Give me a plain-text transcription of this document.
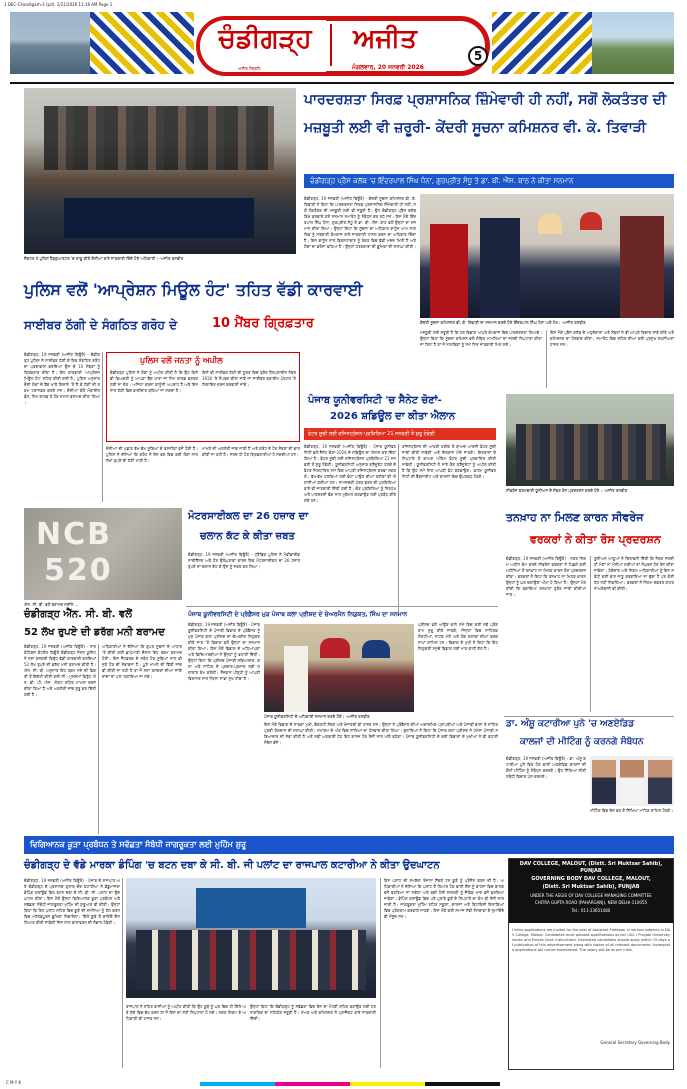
1 DEC-Chandigarh-1 (pd). 1/21/2026 11:16 AM Page 1
ਚੰਡੀਗੜ੍ਹ	ਅਜੀਤ
ਅਜੀਤ ਸੰਗ੍ਰਹਿ	ਮੰਗਲਵਾਰ, 20 ਜਨਵਰੀ 2026
5
ਸੈਕਟਰ 9 ਪੁਲਿਸ ਹੈੱਡਕੁਆਰਟਰ 'ਚ ਕਾਬੂ ਕੀਤੇ ਦੋਸ਼ੀਆਂ ਬਾਰੇ ਜਾਣਕਾਰੀ ਦਿੰਦੇ ਹੋਏ ਅਧਿਕਾਰੀ। -ਅਜੀਤ ਤਸਵੀਰ
ਪਾਰਦਰਸ਼ਤਾ ਸਿਰਫ਼ ਪ੍ਰਸ਼ਾਸਨਿਕ ਜ਼ਿੰਮੇਵਾਰੀ ਹੀ ਨਹੀਂ, ਸਗੋਂ ਲੋਕਤੰਤਰ ਦੀ
ਮਜ਼ਬੂਤੀ ਲਈ ਵੀ ਜ਼ਰੂਰੀ- ਕੇਂਦਰੀ ਸੂਚਨਾ ਕਮਿਸ਼ਨਰ ਵੀ. ਕੇ. ਤਿਵਾੜੀ
ਚੰਡੀਗੜ੍ਹ ਪ੍ਰੈਸ ਕਲੱਬ 'ਚ ਇੰਦਰਪਾਲ ਸਿੰਘ ਧੰਨਾ, ਗੁਰਪ੍ਰੀਤ ਸੰਧੂ ਤੇ ਡਾ. ਬੀ. ਐੱਸ. ਬਾਠ ਨੇ ਕੀਤਾ ਸਨਮਾਨ
ਚੰਡੀਗੜ੍ਹ, 19 ਜਨਵਰੀ (ਅਜੀਤ ਬਿਊਰੋ) - ਕੇਂਦਰੀ ਸੂਚਨਾ ਕਮਿਸ਼ਨਰ ਵੀ. ਕੇ. ਤਿਵਾੜੀ ਨੇ ਕਿਹਾ ਕਿ ਪਾਰਦਰਸ਼ਤਾ ਸਿਰਫ਼ ਪ੍ਰਸ਼ਾਸਨਿਕ ਜ਼ਿੰਮੇਵਾਰੀ ਹੀ ਨਹੀਂ, ਸਗੋਂ ਲੋਕਤੰਤਰ ਦੀ ਮਜ਼ਬੂਤੀ ਲਈ ਵੀ ਜ਼ਰੂਰੀ ਹੈ। ਉਹ ਚੰਡੀਗੜ੍ਹ ਪ੍ਰੈਸ ਕਲੱਬ ਵਿਖੇ ਕਰਵਾਏ ਗਏ ਸਨਮਾਨ ਸਮਾਰੋਹ ਨੂੰ ਸੰਬੋਧਨ ਕਰ ਰਹੇ ਸਨ। ਇਸ ਮੌਕੇ ਇੰਦਰਪਾਲ ਸਿੰਘ ਧੰਨਾ, ਗੁਰਪ੍ਰੀਤ ਸੰਧੂ ਤੇ ਡਾ. ਬੀ. ਐੱਸ. ਬਾਠ ਵਲੋਂ ਉਨ੍ਹਾਂ ਦਾ ਸਨਮਾਨ ਕੀਤਾ ਗਿਆ। ਉਨ੍ਹਾਂ ਕਿਹਾ ਕਿ ਸੂਚਨਾ ਦਾ ਅਧਿਕਾਰ ਕਾਨੂੰਨ ਆਮ ਨਾਗਰਿਕ ਨੂੰ ਸਰਕਾਰੀ ਕੰਮਕਾਜ ਬਾਰੇ ਜਾਣਕਾਰੀ ਹਾਸਲ ਕਰਨ ਦਾ ਅਧਿਕਾਰ ਦਿੰਦਾ ਹੈ। ਇਸ ਕਾਨੂੰਨ ਨਾਲ ਭ੍ਰਿਸ਼ਟਾਚਾਰ ਨੂੰ ਰੋਕਣ ਵਿਚ ਵੱਡੀ ਮਦਦ ਮਿਲੀ ਹੈ ਅਤੇ ਲੋਕਾਂ ਦਾ ਭਰੋਸਾ ਵਧਿਆ ਹੈ। ਉਨ੍ਹਾਂ ਪੱਤਰਕਾਰਾਂ ਦੀ ਭੂਮਿਕਾ ਦੀ ਸ਼ਲਾਘਾ ਕੀਤੀ।
ਕੇਂਦਰੀ ਸੂਚਨਾ ਕਮਿਸ਼ਨਰ ਵੀ. ਕੇ. ਤਿਵਾੜੀ ਦਾ ਸਨਮਾਨ ਕਰਦੇ ਹੋਏ ਇੰਦਰਪਾਲ ਸਿੰਘ ਧੰਨਾ ਅਤੇ ਹੋਰ। -ਅਜੀਤ ਤਸਵੀਰ
ਮਜ਼ਬੂਤੀ ਲਈ ਜ਼ਰੂਰੀ ਹੈ ਕਿ ਹਰ ਵਿਭਾਗ ਆਪਣੇ ਕੰਮਕਾਜ ਵਿਚ ਪਾਰਦਰਸ਼ਤਾ ਲਿਆਵੇ। ਉਨ੍ਹਾਂ ਕਿਹਾ ਕਿ ਸੂਚਨਾ ਕਮਿਸ਼ਨ ਵਲੋਂ ਲੰਬਿਤ ਮਾਮਲਿਆਂ ਦਾ ਜਲਦੀ ਨਿਪਟਾਰਾ ਕੀਤਾ ਜਾ ਰਿਹਾ ਹੈ ਤਾਂ ਜੋ ਨਾਗਰਿਕਾਂ ਨੂੰ ਸਮੇਂ ਸਿਰ ਜਾਣਕਾਰੀ ਮਿਲ ਸਕੇ।
ਇਸ ਮੌਕੇ ਪ੍ਰੈਸ ਕਲੱਬ ਦੇ ਅਹੁਦੇਦਾਰਾਂ ਅਤੇ ਮੈਂਬਰਾਂ ਨੇ ਵੀ ਆਪਣੇ ਵਿਚਾਰ ਸਾਂਝੇ ਕੀਤੇ ਅਤੇ ਕਮਿਸ਼ਨਰ ਦਾ ਧੰਨਵਾਦ ਕੀਤਾ। ਸਮਾਰੋਹ ਵਿਚ ਸ਼ਹਿਰ ਦੀਆਂ ਕਈ ਪ੍ਰਮੁੱਖ ਸ਼ਖ਼ਸੀਅਤਾਂ ਹਾਜ਼ਰ ਸਨ।
ਪੁਲਿਸ ਵਲੋਂ 'ਆਪ੍ਰੇਸ਼ਨ ਮਿਊਲ ਹੰਟ' ਤਹਿਤ ਵੱਡੀ ਕਾਰਵਾਈ
ਸਾਈਬਰ ਠੱਗੀ ਦੇ ਸੰਗਠਿਤ ਗਰੋਹ ਦੇ	10 ਮੈਂਬਰ ਗ੍ਰਿਫ਼ਤਾਰ
ਚੰਡੀਗੜ੍ਹ, 19 ਜਨਵਰੀ (ਅਜੀਤ ਬਿਊਰੋ) - ਚੰਡੀਗੜ੍ਹ ਪੁਲਿਸ ਨੇ ਸਾਈਬਰ ਠੱਗੀ ਦੇ ਇਕ ਸੰਗਠਿਤ ਗਰੋਹ ਦਾ ਪਰਦਾਫ਼ਾਸ਼ ਕਰਦਿਆਂ ਉਸ ਦੇ 10 ਮੈਂਬਰਾਂ ਨੂੰ ਗ੍ਰਿਫ਼ਤਾਰ ਕੀਤਾ ਹੈ। ਇਹ ਕਾਰਵਾਈ 'ਆਪ੍ਰੇਸ਼ਨ ਮਿਊਲ ਹੰਟ' ਤਹਿਤ ਕੀਤੀ ਗਈ ਹੈ। ਪੁਲਿਸ ਅਨੁਸਾਰ ਦੋਸ਼ੀ ਲੋਕਾਂ ਦੇ ਬੈਂਕ ਖਾਤੇ ਕਿਰਾਏ 'ਤੇ ਲੈ ਕੇ ਠੱਗੀ ਦੀ ਰਕਮ ਟਰਾਂਸਫ਼ਰ ਕਰਦੇ ਸਨ। ਦੋਸ਼ੀਆਂ ਕੋਲੋਂ ਮੋਬਾਈਲ ਫ਼ੋਨ, ਸਿਮ ਕਾਰਡ ਤੇ ਹੋਰ ਸਮਾਨ ਬਰਾਮਦ ਕੀਤਾ ਗਿਆ।
ਪੁਲਿਸ ਵਲੋਂ ਜਨਤਾ ਨੂੰ ਅਪੀਲ
ਚੰਡੀਗੜ੍ਹ ਪੁਲਿਸ ਨੇ ਲੋਕਾਂ ਨੂੰ ਅਪੀਲ ਕੀਤੀ ਹੈ ਕਿ ਉਹ ਕਿਸੇ ਵੀ ਵਿਅਕਤੀ ਨੂੰ ਆਪਣਾ ਬੈਂਕ ਖਾਤਾ ਜਾਂ ਸਿਮ ਕਾਰਡ ਵਰਤਣ ਲਈ ਨਾ ਦੇਣ। ਅਜਿਹਾ ਕਰਨਾ ਕਾਨੂੰਨੀ ਅਪਰਾਧ ਹੈ ਅਤੇ ਇਸ ਨਾਲ ਠੱਗੀ ਵਿਚ ਭਾਗੀਦਾਰ ਬਣਿਆ ਜਾ ਸਕਦਾ ਹੈ।
ਕਿਸੇ ਵੀ ਸਾਈਬਰ ਠੱਗੀ ਦੀ ਸੂਰਤ ਵਿਚ ਤੁਰੰਤ ਹੈਲਪਲਾਈਨ ਨੰਬਰ 1930 'ਤੇ ਸੰਪਰਕ ਕੀਤਾ ਜਾਵੇ ਜਾਂ ਸਾਈਬਰ ਕ੍ਰਾਈਮ ਪੋਰਟਲ 'ਤੇ ਸ਼ਿਕਾਇਤ ਦਰਜ ਕਰਵਾਈ ਜਾਵੇ।
ਦੋਸ਼ੀਆਂ ਦੀ ਪਛਾਣ ਵੱਖ-ਵੱਖ ਸੂਬਿਆਂ ਦੇ ਵਸਨੀਕਾਂ ਵਜੋਂ ਹੋਈ ਹੈ। ਪੁਲਿਸ ਨੇ ਦੱਸਿਆ ਕਿ ਗਰੋਹ ਨੇ ਦੇਸ਼ ਭਰ ਵਿਚ ਕਈ ਲੋਕਾਂ ਨਾਲ ਲੱਖਾਂ ਰੁਪਏ ਦੀ ਠੱਗੀ ਮਾਰੀ ਹੈ।
ਮਾਮਲੇ ਦੀ ਅਗਲੇਰੀ ਜਾਂਚ ਜਾਰੀ ਹੈ ਅਤੇ ਗਰੋਹ ਦੇ ਹੋਰ ਮੈਂਬਰਾਂ ਦੀ ਭਾਲ ਕੀਤੀ ਜਾ ਰਹੀ ਹੈ। ਜਲਦ ਹੀ ਹੋਰ ਗ੍ਰਿਫ਼ਤਾਰੀਆਂ ਹੋ ਸਕਦੀਆਂ ਹਨ।
ਪੰਜਾਬ ਯੂਨੀਵਰਸਿਟੀ 'ਚ ਸੈਨੇਟ ਚੋਣਾਂ-
2026 ਸ਼ਡਿਊਲ ਦਾ ਕੀਤਾ ਐਲਾਨ
ਵੋਟਰ ਸੂਚੀ ਲਈ ਰਜਿਸਟ੍ਰੇਸ਼ਨ ਪ੍ਰਕਿਰਿਆ 21 ਜਨਵਰੀ ਤੋਂ ਸ਼ੁਰੂ ਹੋਵੇਗੀ
ਚੰਡੀਗੜ੍ਹ, 19 ਜਨਵਰੀ (ਅਜੀਤ ਬਿਊਰੋ) - ਪੰਜਾਬ ਯੂਨੀਵਰਸਿਟੀ ਵਲੋਂ ਸੈਨੇਟ ਚੋਣਾਂ-2026 ਦੇ ਸ਼ਡਿਊਲ ਦਾ ਐਲਾਨ ਕਰ ਦਿੱਤਾ ਗਿਆ ਹੈ। ਵੋਟਰ ਸੂਚੀ ਲਈ ਰਜਿਸਟ੍ਰੇਸ਼ਨ ਪ੍ਰਕਿਰਿਆ 21 ਜਨਵਰੀ ਤੋਂ ਸ਼ੁਰੂ ਹੋਵੇਗੀ। ਯੂਨੀਵਰਸਿਟੀ ਅਨੁਸਾਰ ਗ੍ਰੈਜੂਏਟ ਹਲਕੇ ਦੇ ਵੋਟਰ ਨਿਰਧਾਰਿਤ ਸਮੇਂ ਵਿਚ ਆਪਣੀ ਰਜਿਸਟ੍ਰੇਸ਼ਨ ਕਰਵਾ ਸਕਣਗੇ। ਵੱਖ-ਵੱਖ ਹਲਕਿਆਂ ਲਈ ਵੋਟਾਂ ਪਾਉਣ ਦੀਆਂ ਤਰੀਕਾਂ ਵੀ ਐਲਾਨੀਆਂ ਗਈਆਂ ਹਨ। ਨਾਮਜ਼ਦਗੀ ਪੱਤਰ ਭਰਨ ਦੀ ਪ੍ਰਕਿਰਿਆ ਬਾਰੇ ਵੀ ਜਾਣਕਾਰੀ ਦਿੱਤੀ ਗਈ ਹੈ। ਚੋਣ ਪ੍ਰਕਿਰਿਆ ਨੂੰ ਨਿਰਪੱਖ ਅਤੇ ਪਾਰਦਰਸ਼ੀ ਢੰਗ ਨਾਲ ਮੁਕੰਮਲ ਕਰਵਾਉਣ ਲਈ ਪ੍ਰਬੰਧ ਕੀਤੇ ਗਏ ਹਨ।
ਰਜਿਸਟ੍ਰੇਸ਼ਨ ਦੀ ਆਖ਼ਰੀ ਤਰੀਕ ਤੋਂ ਬਾਅਦ ਆਰਜ਼ੀ ਵੋਟਰ ਸੂਚੀ ਜਾਰੀ ਕੀਤੀ ਜਾਵੇਗੀ ਅਤੇ ਇਤਰਾਜ਼ ਮੰਗੇ ਜਾਣਗੇ। ਇਤਰਾਜ਼ਾਂ ਦੇ ਨਿਪਟਾਰੇ ਤੋਂ ਬਾਅਦ ਅੰਤਿਮ ਵੋਟਰ ਸੂਚੀ ਪ੍ਰਕਾਸ਼ਿਤ ਕੀਤੀ ਜਾਵੇਗੀ। ਯੂਨੀਵਰਸਿਟੀ ਨੇ ਸਾਰੇ ਯੋਗ ਗ੍ਰੈਜੂਏਟਾਂ ਨੂੰ ਅਪੀਲ ਕੀਤੀ ਹੈ ਕਿ ਉਹ ਸਮੇਂ ਸਿਰ ਆਪਣੀ ਵੋਟ ਬਣਵਾਉਣ। ਫ਼ਾਰਮ ਯੂਨੀਵਰਸਿਟੀ ਦੀ ਵੈੱਬਸਾਈਟ ਅਤੇ ਕਾਲਜਾਂ ਵਿਚ ਉਪਲਬਧ ਹੋਣਗੇ।
NCB
520
ਐਨ. ਸੀ. ਬੀ. ਵਲੋਂ ਬਰਾਮਦ ਨਸ਼ੀਲੇ ...
ਚੰਡੀਗੜ੍ਹ ਐੱਨ. ਸੀ. ਬੀ. ਵਲੋਂ
52 ਲੱਖ ਰੁਪਏ ਦੀ ਡਰੱਗ ਮਨੀ ਬਰਾਮਦ
ਚੰਡੀਗੜ੍ਹ, 19 ਜਨਵਰੀ (ਅਜੀਤ ਬਿਊਰੋ) - ਨਾਰਕੋਟਿਕਸ ਕੰਟਰੋਲ ਬਿਊਰੋ ਚੰਡੀਗੜ੍ਹ ਜ਼ੋਨਲ ਯੂਨਿਟ ਨੇ ਨਸ਼ਾ ਤਸਕਰੀ ਵਿਰੁੱਧ ਵੱਡੀ ਕਾਰਵਾਈ ਕਰਦਿਆਂ 52 ਲੱਖ ਰੁਪਏ ਦੀ ਡਰੱਗ ਮਨੀ ਬਰਾਮਦ ਕੀਤੀ ਹੈ। ਐਨ. ਸੀ. ਬੀ. ਅਨੁਸਾਰ ਇਹ ਰਕਮ ਨਸ਼ੇ ਦੀ ਵਿਕਰੀ ਤੋਂ ਇਕੱਠੀ ਕੀਤੀ ਗਈ ਸੀ। ਮੁਲਜ਼ਮਾਂ ਵਿਰੁੱਧ ਐਨ. ਡੀ. ਪੀ. ਐਸ. ਐਕਟ ਤਹਿਤ ਮਾਮਲਾ ਦਰਜ ਕੀਤਾ ਗਿਆ ਹੈ ਅਤੇ ਅਗਲੇਰੀ ਜਾਂਚ ਸ਼ੁਰੂ ਕਰ ਦਿੱਤੀ ਗਈ ਹੈ।
ਅਧਿਕਾਰੀਆਂ ਨੇ ਦੱਸਿਆ ਕਿ ਗੁਪਤ ਸੂਚਨਾ ਦੇ ਆਧਾਰ 'ਤੇ ਕੀਤੀ ਗਈ ਛਾਪੇਮਾਰੀ ਦੌਰਾਨ ਇਹ ਰਕਮ ਬਰਾਮਦ ਹੋਈ। ਇਸ ਨੈੱਟਵਰਕ ਦੇ ਸਬੰਧ ਹੋਰ ਸੂਬਿਆਂ ਨਾਲ ਵੀ ਜੁੜੇ ਹੋਣ ਦੀ ਸੰਭਾਵਨਾ ਹੈ। ਪੂਰੇ ਮਾਮਲੇ ਦੀ ਵਿੱਤੀ ਜਾਂਚ ਵੀ ਕੀਤੀ ਜਾ ਰਹੀ ਹੈ ਤਾਂ ਜੋ ਨਸ਼ਾ ਤਸਕਰਾਂ ਦੀਆਂ ਜਾਇਦਾਦਾਂ ਦਾ ਪਤਾ ਲਗਾਇਆ ਜਾ ਸਕੇ।
ਮੋਟਰਸਾਈਕਲ ਦਾ 26 ਹਜ਼ਾਰ ਦਾ
ਚਲਾਨ ਕੱਟ ਕੇ ਕੀਤਾ ਜ਼ਬਤ
ਚੰਡੀਗੜ੍ਹ, 19 ਜਨਵਰੀ (ਅਜੀਤ ਬਿਊਰੋ) - ਟ੍ਰੈਫ਼ਿਕ ਪੁਲਿਸ ਨੇ ਮੋਡੀਫ਼ਾਈਡ ਸਾਈਲੈਂਸਰ ਅਤੇ ਹੋਰ ਉਲੰਘਣਾਵਾਂ ਕਾਰਨ ਇਕ ਮੋਟਰਸਾਈਕਲ ਦਾ 26 ਹਜ਼ਾਰ ਰੁਪਏ ਦਾ ਚਲਾਨ ਕੱਟ ਕੇ ਉਸ ਨੂੰ ਜ਼ਬਤ ਕਰ ਲਿਆ।
ਪੰਜਾਬ ਯੂਨੀਵਰਸਿਟੀ ਦੇ ਪ੍ਰੋਫ਼ੈਸਰ ਮੁੜ ਪੰਜਾਬ ਕਲਾ ਪ੍ਰੀਸ਼ਦ ਦੇ ਚੇਅਰਮੈਨ ਨਿਯੁਕਤ, ਸਿੰਘ ਦਾ ਸਨਮਾਨ
ਚੰਡੀਗੜ੍ਹ, 19 ਜਨਵਰੀ (ਅਜੀਤ ਬਿਊਰੋ) - ਪੰਜਾਬ ਯੂਨੀਵਰਸਿਟੀ ਦੇ ਪੰਜਾਬੀ ਵਿਭਾਗ ਦੇ ਪ੍ਰੋਫ਼ੈਸਰ ਨੂੰ ਮੁੜ ਪੰਜਾਬ ਕਲਾ ਪ੍ਰੀਸ਼ਦ ਦਾ ਚੇਅਰਮੈਨ ਨਿਯੁਕਤ ਕੀਤੇ ਜਾਣ 'ਤੇ ਵਿਭਾਗ ਵਲੋਂ ਉਨ੍ਹਾਂ ਦਾ ਸਨਮਾਨ ਕੀਤਾ ਗਿਆ। ਇਸ ਮੌਕੇ ਵਿਭਾਗ ਦੇ ਅਧਿਆਪਕਾਂ ਅਤੇ ਵਿਦਿਆਰਥੀਆਂ ਨੇ ਉਨ੍ਹਾਂ ਨੂੰ ਵਧਾਈ ਦਿੱਤੀ। ਉਨ੍ਹਾਂ ਕਿਹਾ ਕਿ ਪ੍ਰੀਸ਼ਦ ਪੰਜਾਬੀ ਸਭਿਆਚਾਰ, ਕਲਾ ਅਤੇ ਸਾਹਿਤ ਦੇ ਪ੍ਰਚਾਰ-ਪ੍ਰਸਾਰ ਲਈ ਲਗਾਤਾਰ ਕੰਮ ਕਰੇਗੀ। ਨੌਜਵਾਨ ਪੀੜ੍ਹੀ ਨੂੰ ਆਪਣੀ ਵਿਰਾਸਤ ਨਾਲ ਜੋੜਨਾ ਸਾਡਾ ਮੁੱਖ ਟੀਚਾ ਹੈ।
ਪ੍ਰੀਸ਼ਦ ਵਲੋਂ ਆਉਣ ਵਾਲੇ ਸਮੇਂ ਵਿਚ ਕਈ ਨਵੇਂ ਪ੍ਰੋਗਰਾਮ ਸ਼ੁਰੂ ਕੀਤੇ ਜਾਣਗੇ, ਜਿਨ੍ਹਾਂ ਵਿਚ ਸਾਹਿਤਕ ਗੋਸ਼ਟੀਆਂ, ਨਾਟਕ ਮੇਲੇ ਅਤੇ ਲੋਕ ਕਲਾਵਾਂ ਦੀਆਂ ਵਰਕਸ਼ਾਪਾਂ ਸ਼ਾਮਿਲ ਹਨ। ਵਿਭਾਗ ਦੇ ਮੁਖੀ ਨੇ ਕਿਹਾ ਕਿ ਇਹ ਨਿਯੁਕਤੀ ਸਮੁੱਚੇ ਵਿਭਾਗ ਲਈ ਮਾਣ ਵਾਲੀ ਗੱਲ ਹੈ।
ਪੰਜਾਬ ਯੂਨੀਵਰਸਿਟੀ ਦੇ ਅਧਿਕਾਰੀ ਸਨਮਾਨ ਕਰਦੇ ਹੋਏ। -ਅਜੀਤ ਤਸਵੀਰ
ਇਸ ਮੌਕੇ ਵਿਭਾਗ ਦੇ ਸਾਬਕਾ ਮੁਖੀ, ਫ਼ੈਕਲਟੀ ਮੈਂਬਰ ਅਤੇ ਖੋਜਾਰਥੀ ਵੀ ਹਾਜ਼ਰ ਸਨ। ਉਨ੍ਹਾਂ ਨੇ ਪ੍ਰੋਫ਼ੈਸਰ ਦੀਆਂ ਅਕਾਦਮਿਕ ਪ੍ਰਾਪਤੀਆਂ ਅਤੇ ਪੰਜਾਬੀ ਭਾਸ਼ਾ ਤੇ ਸਾਹਿਤ ਪ੍ਰਤੀ ਯੋਗਦਾਨ ਦੀ ਸ਼ਲਾਘਾ ਕੀਤੀ। ਸਮਾਗਮ ਦੇ ਅੰਤ ਵਿਚ ਸਾਰਿਆਂ ਦਾ ਧੰਨਵਾਦ ਕੀਤਾ ਗਿਆ। ਬੁਲਾਰਿਆਂ ਨੇ ਕਿਹਾ ਕਿ ਪੰਜਾਬ ਕਲਾ ਪ੍ਰੀਸ਼ਦ ਨੇ ਹਮੇਸ਼ਾ ਪੰਜਾਬੀ ਸਭਿਆਚਾਰ ਦੀ ਸੇਵਾ ਕੀਤੀ ਹੈ ਅਤੇ ਨਵੀਂ ਅਗਵਾਈ ਹੇਠ ਇਹ ਕਾਰਜ ਹੋਰ ਤੇਜ਼ੀ ਨਾਲ ਅੱਗੇ ਵਧੇਗਾ। ਪੰਜਾਬ ਯੂਨੀਵਰਸਿਟੀ ਦੇ ਕਈ ਵਿਭਾਗਾਂ ਦੇ ਮੁਖੀਆਂ ਨੇ ਵੀ ਵਧਾਈ ਸੰਦੇਸ਼ ਭੇਜੇ।
ਸੀਵਰੇਜ ਕਰਮਚਾਰੀ ਯੂਨੀਅਨ ਦੇ ਮੈਂਬਰ ਰੋਸ ਪ੍ਰਦਰਸ਼ਨ ਕਰਦੇ ਹੋਏ। -ਅਜੀਤ ਤਸਵੀਰ
ਤਨਖ਼ਾਹ ਨਾ ਮਿਲਣ ਕਾਰਨ ਸੀਵਰੇਜ
ਵਰਕਰਾਂ ਨੇ ਕੀਤਾ ਰੋਸ ਪ੍ਰਦਰਸ਼ਨ
ਚੰਡੀਗੜ੍ਹ, 19 ਜਨਵਰੀ (ਅਜੀਤ ਬਿਊਰੋ) - ਨਗਰ ਨਿਗਮ ਅਧੀਨ ਕੰਮ ਕਰਦੇ ਸੀਵਰੇਜ ਵਰਕਰਾਂ ਨੇ ਪਿਛਲੇ ਕਈ ਮਹੀਨਿਆਂ ਤੋਂ ਤਨਖ਼ਾਹ ਨਾ ਮਿਲਣ ਕਾਰਨ ਰੋਸ ਪ੍ਰਦਰਸ਼ਨ ਕੀਤਾ। ਵਰਕਰਾਂ ਨੇ ਕਿਹਾ ਕਿ ਤਨਖ਼ਾਹ ਨਾ ਮਿਲਣ ਕਾਰਨ ਉਨ੍ਹਾਂ ਨੂੰ ਘਰ ਚਲਾਉਣਾ ਔਖਾ ਹੋ ਗਿਆ ਹੈ। ਉਨ੍ਹਾਂ ਮੰਗ ਕੀਤੀ ਕਿ ਬਕਾਇਆ ਤਨਖ਼ਾਹਾਂ ਤੁਰੰਤ ਜਾਰੀ ਕੀਤੀਆਂ ਜਾਣ।
ਯੂਨੀਅਨ ਆਗੂਆਂ ਨੇ ਚਿਤਾਵਨੀ ਦਿੱਤੀ ਕਿ ਜੇਕਰ ਜਲਦੀ ਹੀ ਮੰਗਾਂ ਨਾ ਮੰਨੀਆਂ ਗਈਆਂ ਤਾਂ ਸੰਘਰਸ਼ ਹੋਰ ਤੇਜ਼ ਕੀਤਾ ਜਾਵੇਗਾ। ਠੇਕੇਦਾਰ ਅਤੇ ਨਿਗਮ ਅਧਿਕਾਰੀਆਂ ਨੂੰ ਇਸ ਸਬੰਧੀ ਕਈ ਵਾਰ ਜਾਣੂ ਕਰਵਾਇਆ ਜਾ ਚੁੱਕਾ ਹੈ ਪਰ ਕੋਈ ਹੱਲ ਨਹੀਂ ਨਿਕਲਿਆ। ਵਰਕਰਾਂ ਨੇ ਨਿਗਮ ਦਫ਼ਤਰ ਬਾਹਰ ਨਾਅਰੇਬਾਜ਼ੀ ਵੀ ਕੀਤੀ।
ਡਾ. ਅੰਸ਼ੂ ਕਟਾਰੀਆ ਪੁਨੇ 'ਚ ਅਣਏਡਿਡ
ਕਾਲਜਾਂ ਦੀ ਮੀਟਿੰਗ ਨੂੰ ਕਰਨਗੇ ਸੰਬੋਧਨ
ਚੰਡੀਗੜ੍ਹ, 19 ਜਨਵਰੀ (ਅਜੀਤ ਬਿਊਰੋ) - ਡਾ. ਅੰਸ਼ੂ ਕਟਾਰੀਆ ਪੁਨੇ ਵਿਖੇ ਹੋਣ ਵਾਲੀ ਅਣਏਡਿਡ ਕਾਲਜਾਂ ਦੀ ਕੌਮੀ ਮੀਟਿੰਗ ਨੂੰ ਸੰਬੋਧਨ ਕਰਨਗੇ। ਉਹ ਸਿੱਖਿਆ ਨੀਤੀ ਸਬੰਧੀ ਵਿਚਾਰ ਪੇਸ਼ ਕਰਨਗੇ।
ਮੀਟਿੰਗ ਵਿਚ ਦੇਸ਼ ਭਰ ਤੋਂ ਸਿੱਖਿਆ ਮਾਹਿਰ ਸ਼ਾਮਿਲ ਹੋਣਗੇ।
ਵਿਗਿਆਨਕ ਕੂੜਾ ਪ੍ਰਬੰਧਨ ਤੇ ਸਵੱਛਤਾ ਸੰਬੰਧੀ ਜਾਗਰੂਕਤਾ ਲਈ ਮੁਹਿੰਮ ਸ਼ੁਰੂ
ਚੰਡੀਗੜ੍ਹ ਦੇ ਵੱਡੇ ਮਾਰਕਾ ਡੰਪਿੰਗ 'ਚ ਬਟਨ ਦਬਾ ਕੇ ਸੀ. ਬੀ. ਜੀ ਪਲਾਂਟ ਦਾ ਰਾਜਪਾਲ ਕਟਾਰੀਆ ਨੇ ਕੀਤਾ ਉਦਘਾਟਨ
ਚੰਡੀਗੜ੍ਹ, 19 ਜਨਵਰੀ (ਅਜੀਤ ਬਿਊਰੋ) - ਪੰਜਾਬ ਦੇ ਰਾਜਪਾਲ ਅਤੇ ਚੰਡੀਗੜ੍ਹ ਦੇ ਪ੍ਰਸ਼ਾਸਕ ਗੁਲਾਬ ਚੰਦ ਕਟਾਰੀਆ ਨੇ ਡੱਡੂਮਾਜਰਾ ਡੰਪਿੰਗ ਗਰਾਊਂਡ ਵਿਖੇ ਬਟਨ ਦਬਾ ਕੇ ਸੀ. ਬੀ. ਜੀ. ਪਲਾਂਟ ਦਾ ਉਦਘਾਟਨ ਕੀਤਾ। ਇਸ ਮੌਕੇ ਉਨ੍ਹਾਂ ਵਿਗਿਆਨਕ ਕੂੜਾ ਪ੍ਰਬੰਧਨ ਅਤੇ ਸਵੱਛਤਾ ਸੰਬੰਧੀ ਜਾਗਰੂਕਤਾ ਮੁਹਿੰਮ ਦੀ ਸ਼ੁਰੂਆਤ ਵੀ ਕੀਤੀ। ਉਨ੍ਹਾਂ ਕਿਹਾ ਕਿ ਇਹ ਪਲਾਂਟ ਸ਼ਹਿਰ ਵਿਚ ਕੂੜੇ ਦੀ ਸਮੱਸਿਆ ਨੂੰ ਹੱਲ ਕਰਨ ਵਿਚ ਮਹੱਤਵਪੂਰਨ ਭੂਮਿਕਾ ਨਿਭਾਏਗਾ। ਗਿੱਲੇ ਕੂੜੇ ਤੋਂ ਬਾਇਓ ਗੈਸ ਤਿਆਰ ਕੀਤੀ ਜਾਵੇਗੀ ਜਿਸ ਨਾਲ ਵਾਤਾਵਰਨ ਦੀ ਸੰਭਾਲ ਹੋਵੇਗੀ।
ਰਾਜਪਾਲ ਨੇ ਸ਼ਹਿਰ ਵਾਸੀਆਂ ਨੂੰ ਅਪੀਲ ਕੀਤੀ ਕਿ ਉਹ ਕੂੜੇ ਨੂੰ ਘਰ ਵਿਚ ਹੀ ਗਿੱਲੇ ਅਤੇ ਸੁੱਕੇ ਵਿਚ ਵੱਖ ਕਰਨ ਤਾਂ ਜੋ ਇਸ ਦਾ ਸਹੀ ਨਿਪਟਾਰਾ ਹੋ ਸਕੇ। ਨਗਰ ਨਿਗਮ ਦੇ ਅਧਿਕਾਰੀ ਵੀ ਹਾਜ਼ਰ ਸਨ।
ਉਨ੍ਹਾਂ ਕਿਹਾ ਕਿ ਚੰਡੀਗੜ੍ਹ ਨੂੰ ਸਵੱਛਤਾ ਵਿਚ ਦੇਸ਼ ਦਾ ਮੋਹਰੀ ਸ਼ਹਿਰ ਬਣਾਉਣ ਲਈ ਹਰ ਨਾਗਰਿਕ ਦਾ ਸਹਿਯੋਗ ਜ਼ਰੂਰੀ ਹੈ। ਮੇਅਰ ਅਤੇ ਕਮਿਸ਼ਨਰ ਨੇ ਪ੍ਰਾਜੈਕਟ ਬਾਰੇ ਜਾਣਕਾਰੀ ਦਿੱਤੀ।
ਇਸ ਪਲਾਂਟ ਦੀ ਸਮਰੱਥਾ ਰੋਜ਼ਾਨਾ ਸੈਂਕੜੇ ਟਨ ਕੂੜੇ ਨੂੰ ਪ੍ਰੋਸੈਸ ਕਰਨ ਦੀ ਹੈ। ਅਧਿਕਾਰੀਆਂ ਨੇ ਦੱਸਿਆ ਕਿ ਪਲਾਂਟ ਤੋਂ ਤਿਆਰ ਹੋਣ ਵਾਲੀ ਗੈਸ ਨੂੰ ਵਾਹਨਾਂ ਵਿਚ ਬਾਲਣ ਵਜੋਂ ਵਰਤਿਆ ਜਾ ਸਕੇਗਾ ਅਤੇ ਬਚੀ ਹੋਈ ਸਮੱਗਰੀ ਨੂੰ ਜੈਵਿਕ ਖਾਦ ਵਜੋਂ ਵਰਤਿਆ ਜਾਵੇਗਾ। ਡੰਪਿੰਗ ਗਰਾਊਂਡ ਵਿਚ ਪਏ ਪੁਰਾਣੇ ਕੂੜੇ ਦੇ ਨਿਪਟਾਰੇ ਦਾ ਕੰਮ ਵੀ ਤੇਜ਼ੀ ਨਾਲ ਜਾਰੀ ਹੈ। ਜਾਗਰੂਕਤਾ ਮੁਹਿੰਮ ਤਹਿਤ ਸਕੂਲਾਂ, ਕਾਲਜਾਂ ਅਤੇ ਰਿਹਾਇਸ਼ੀ ਇਲਾਕਿਆਂ ਵਿਚ ਪ੍ਰੋਗਰਾਮ ਕਰਵਾਏ ਜਾਣਗੇ। ਇਸ ਮੌਕੇ ਕਈ ਸਮਾਜ ਸੇਵੀ ਸੰਸਥਾਵਾਂ ਦੇ ਨੁਮਾਇੰਦੇ ਵੀ ਮੌਜੂਦ ਸਨ।
DAV COLLEGE, MALOUT, (Distt. Sri Muktsar Sahib), PUNJAB
GOVERNING BODY DAV COLLEGE, MALOUT,
(Distt. Sri Muktsar Sahib), PUNJAB
UNDER THE AEGIS OF DAV COLLEGE MANAGING COMMITTEE
CHITRA GUPTA ROAD (PAHARGANJ), NEW DELHI-110055
Tel.: 011-23651480
Online applications are invited for the post of Assistant Professor in various subjects in DAV College, Malout. Candidates must possess qualifications as per UGC / Punjabi University norms and Punjab Govt. instructions. Interested candidates should apply within 15 days of publication of this advertisement along with copies of all relevant documents. Incomplete applications will not be entertained. The salary will be as per rules.
General Secretary Governing Body
C M Y K
